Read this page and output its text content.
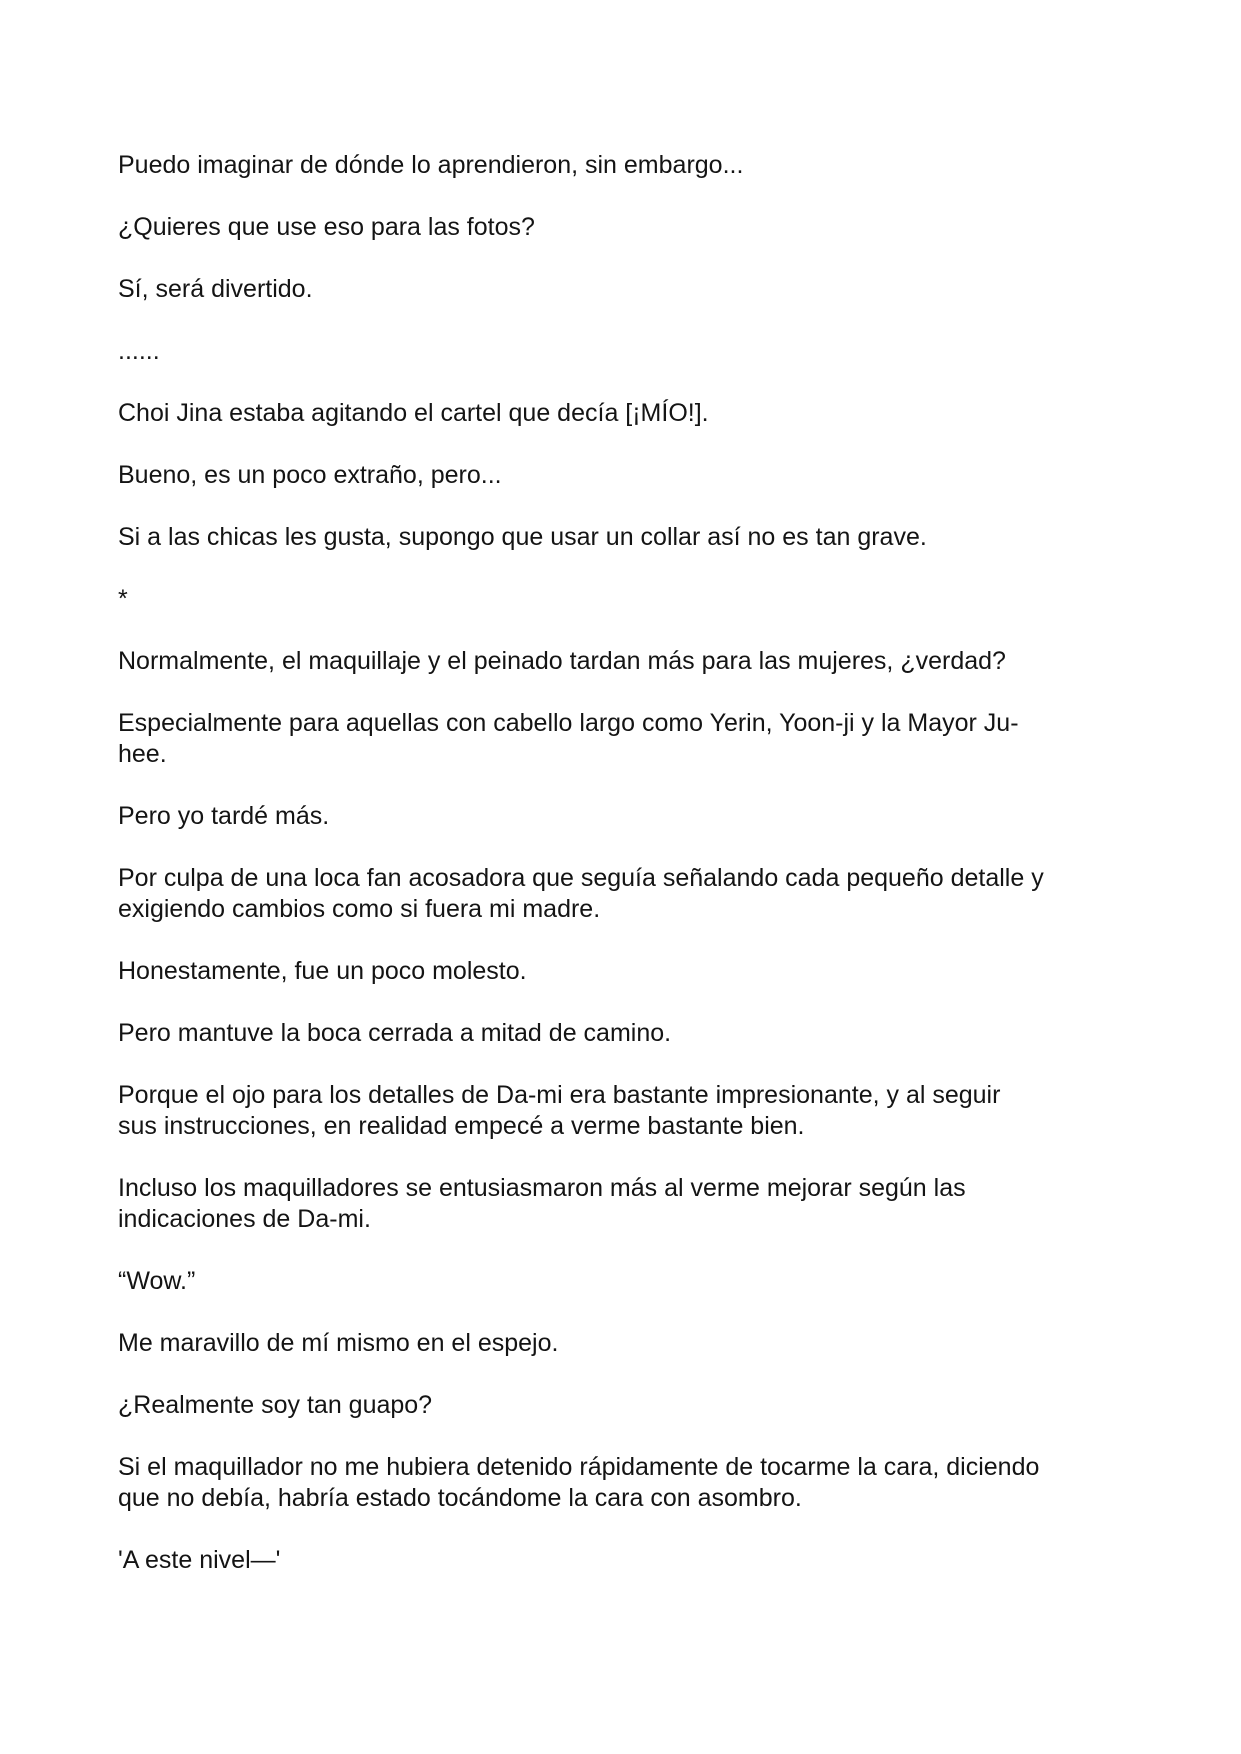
Puedo imaginar de dónde lo aprendieron, sin embargo...

¿Quieres que use eso para las fotos?

Sí, será divertido.

......

Choi Jina estaba agitando el cartel que decía [¡MÍO!].

Bueno, es un poco extraño, pero...

Si a las chicas les gusta, supongo que usar un collar así no es tan grave.

*

Normalmente, el maquillaje y el peinado tardan más para las mujeres, ¿verdad?

Especialmente para aquellas con cabello largo como Yerin, Yoon-ji y la Mayor Ju-
hee.

Pero yo tardé más.

Por culpa de una loca fan acosadora que seguía señalando cada pequeño detalle y
exigiendo cambios como si fuera mi madre.

Honestamente, fue un poco molesto.

Pero mantuve la boca cerrada a mitad de camino.

Porque el ojo para los detalles de Da-mi era bastante impresionante, y al seguir
sus instrucciones, en realidad empecé a verme bastante bien.

Incluso los maquilladores se entusiasmaron más al verme mejorar según las
indicaciones de Da-mi.

“Wow.”

Me maravillo de mí mismo en el espejo.

¿Realmente soy tan guapo?

Si el maquillador no me hubiera detenido rápidamente de tocarme la cara, diciendo
que no debía, habría estado tocándome la cara con asombro.

'A este nivel—'
